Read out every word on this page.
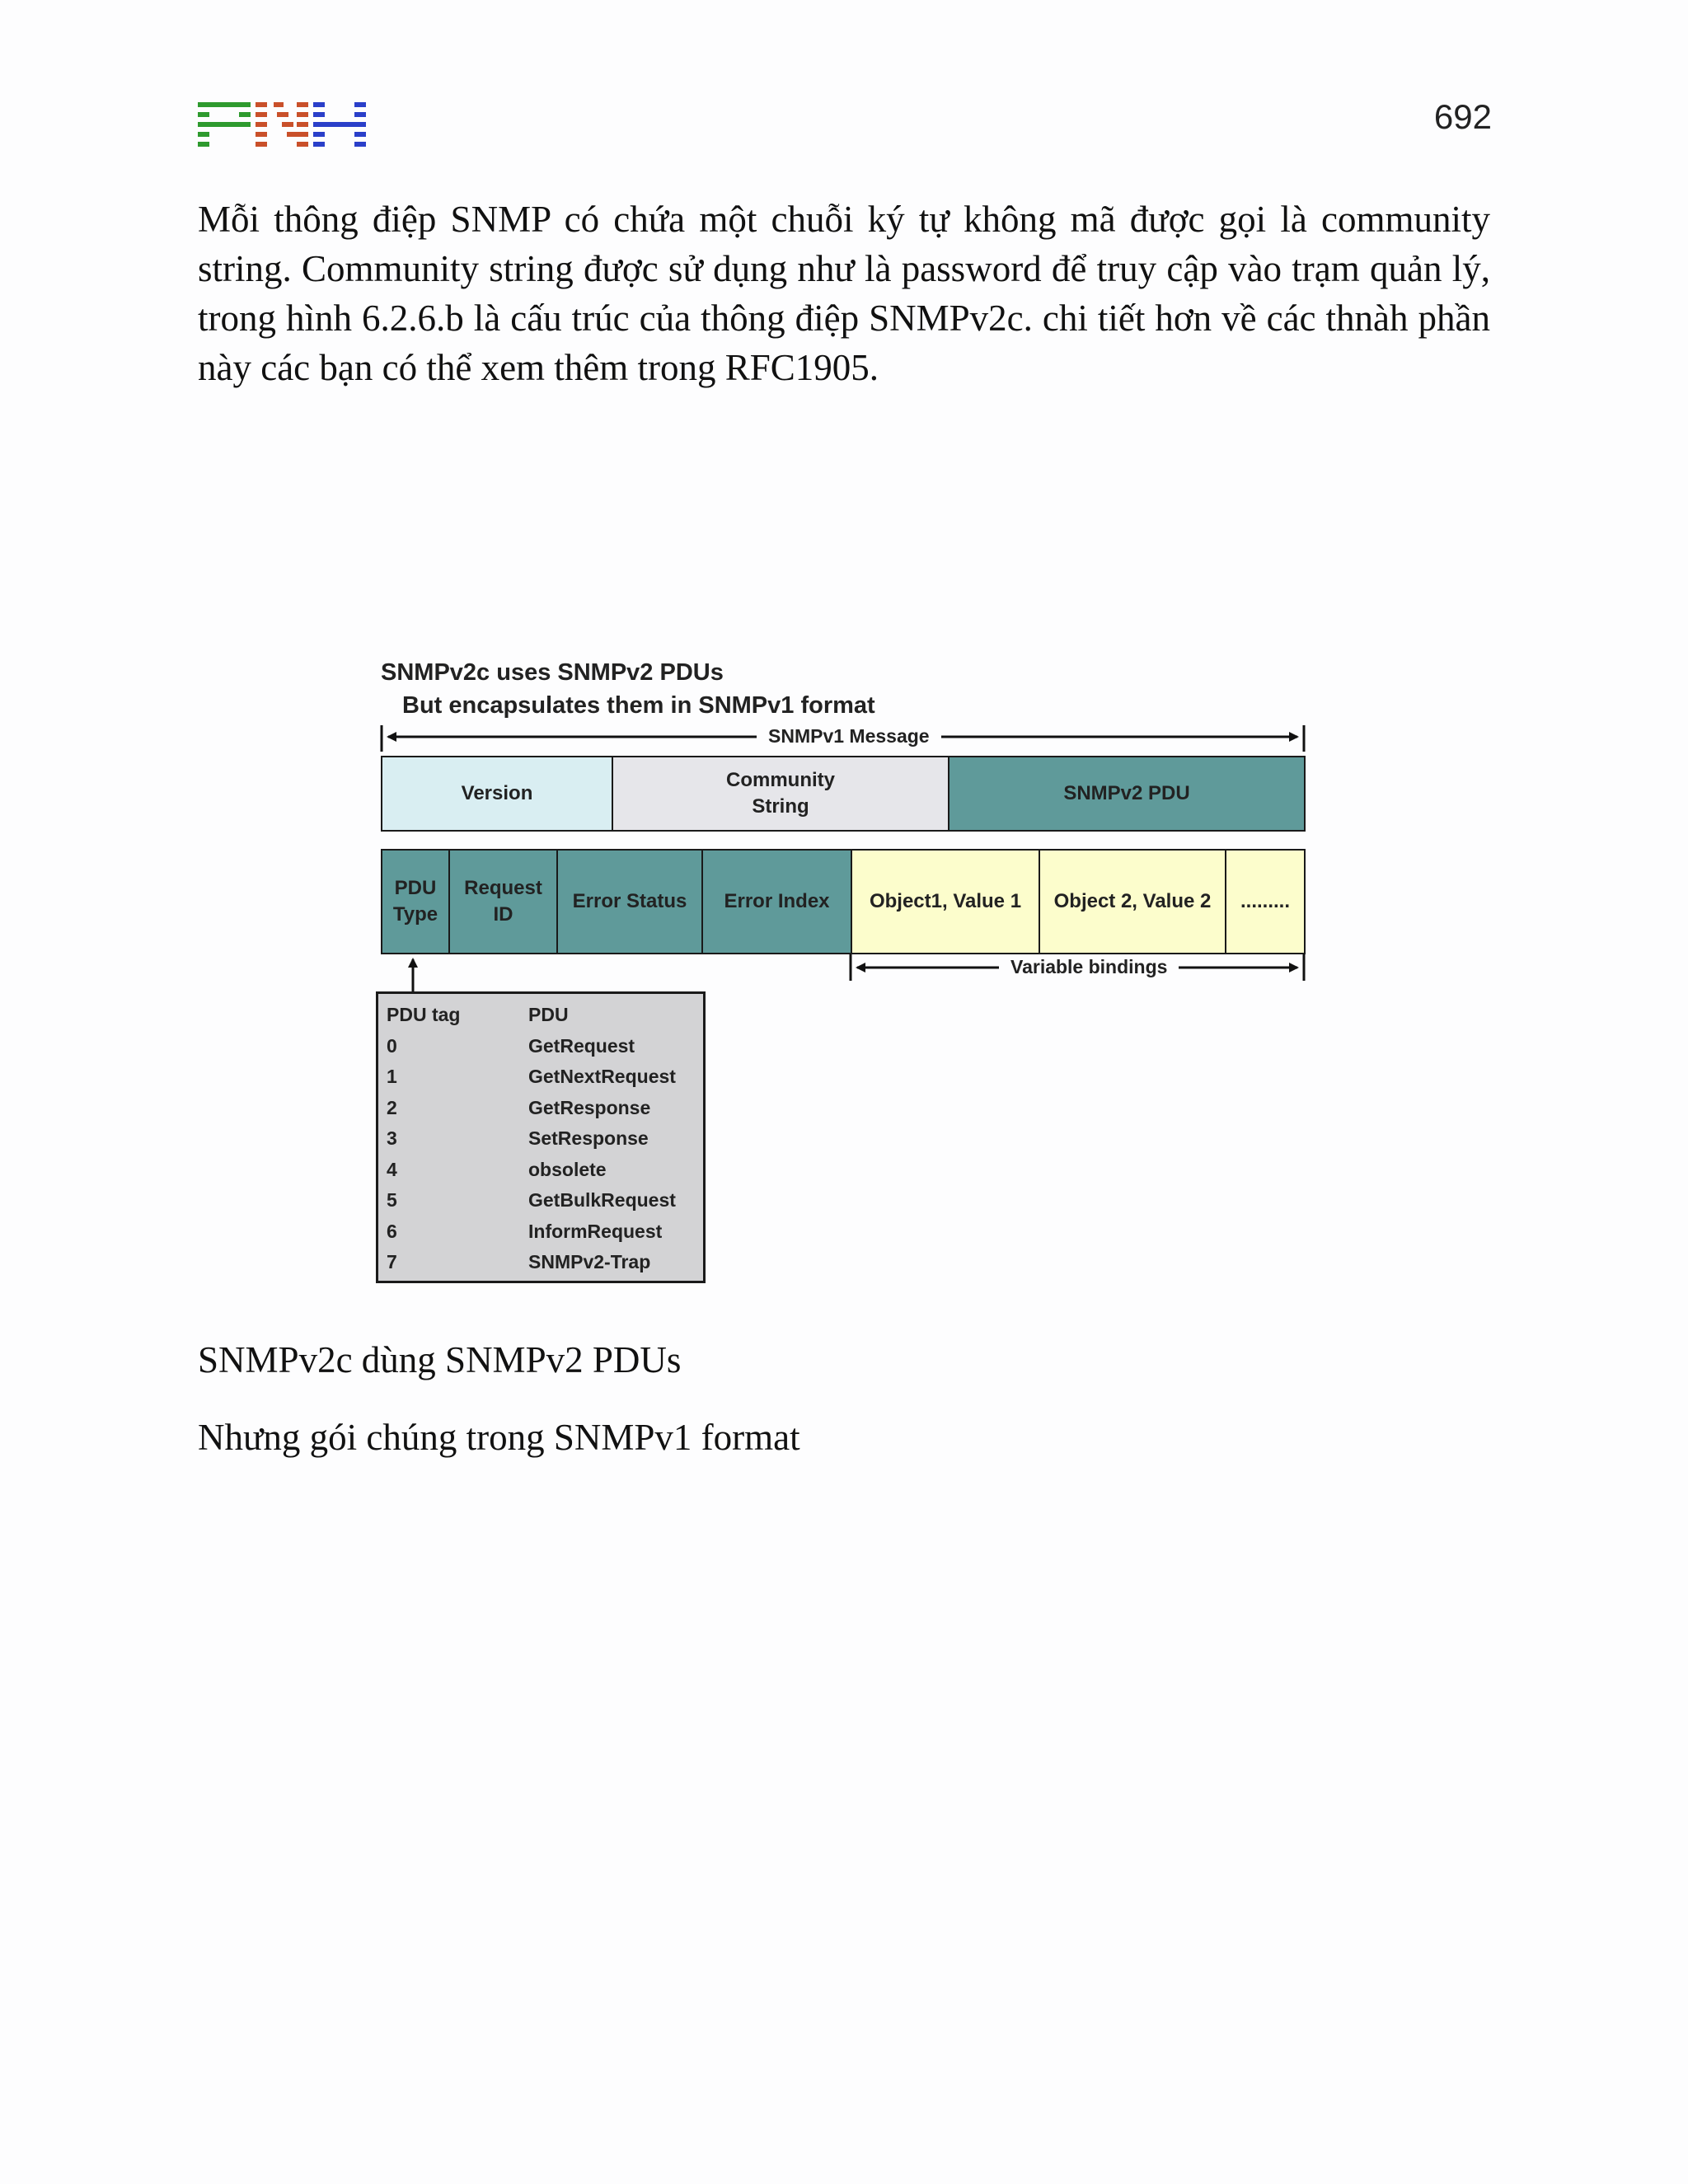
692
Mỗi thông điệp SNMP có chứa một chuỗi ký tự không mã được gọi là community string. Community string được sử dụng như là password để truy cập vào trạm quản lý, trong hình 6.2.6.b là cấu trúc của thông điệp SNMPv2c. chi tiết hơn về các thnàh phần này các bạn có thể xem thêm trong RFC1905.
SNMPv2c uses SNMPv2 PDUs
But encapsulates them in SNMPv1 format
SNMPv1 Message
Variable bindings
Version
Community
String
SNMPv2 PDU
PDU
Type
Request
ID
Error Status Error Index Object1, Value 1 Object 2, Value 2 .........
PDU tag	PDU
0	GetRequest
1	GetNextRequest
2	GetResponse
3	SetResponse
4	obsolete
5	GetBulkRequest
6	InformRequest
7	SNMPv2-Trap
SNMPv2c dùng SNMPv2 PDUs
Nhưng gói chúng trong SNMPv1 format
